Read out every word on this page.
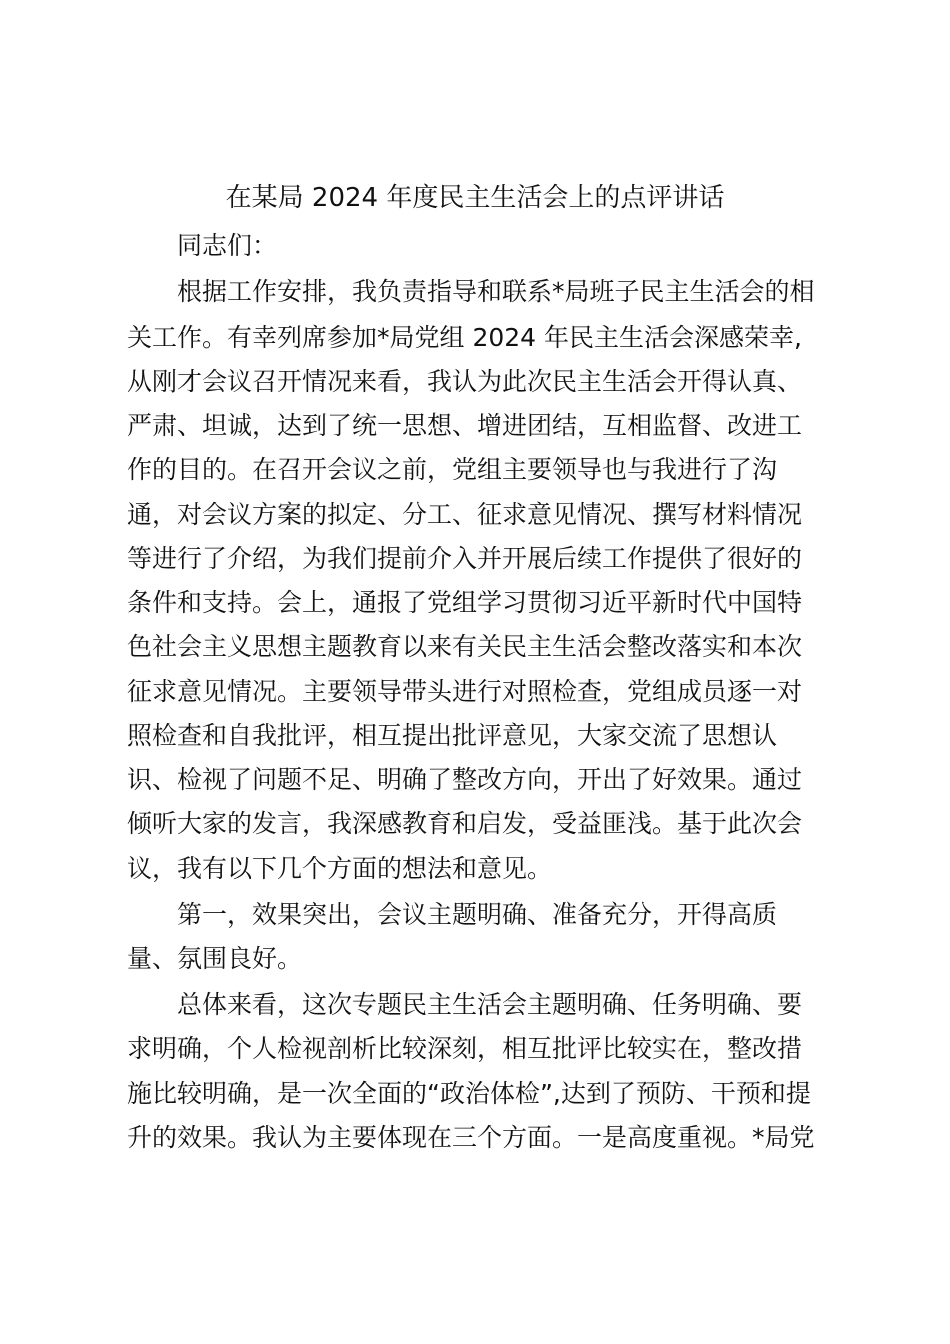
在某局 2024 年度民主生活会上的点评讲话
同志们：
根据工作安排，我负责指导和联系*局班子民主生活会的相
关工作。有幸列席参加*局党组 2024 年民主生活会深感荣幸,
从刚才会议召开情况来看，我认为此次民主生活会开得认真、
严肃、坦诚，达到了统一思想、增进团结，互相监督、改进工
作的目的。在召开会议之前，党组主要领导也与我进行了沟
通，对会议方案的拟定、分工、征求意见情况、撰写材料情况
等进行了介绍，为我们提前介入并开展后续工作提供了很好的
条件和支持。会上，通报了党组学习贯彻习近平新时代中国特
色社会主义思想主题教育以来有关民主生活会整改落实和本次
征求意见情况。主要领导带头进行对照检查，党组成员逐一对
照检查和自我批评，相互提出批评意见，大家交流了思想认
识、检视了问题不足、明确了整改方向，开出了好效果。通过
倾听大家的发言，我深感教育和启发，受益匪浅。基于此次会
议，我有以下几个方面的想法和意见。
第一，效果突出，会议主题明确、准备充分，开得高质
量、氛围良好。
总体来看，这次专题民主生活会主题明确、任务明确、要
求明确，个人检视剖析比较深刻，相互批评比较实在，整改措
施比较明确，是一次全面的“政治体检”,达到了预防、干预和提
升的效果。我认为主要体现在三个方面。一是高度重视。*局党
